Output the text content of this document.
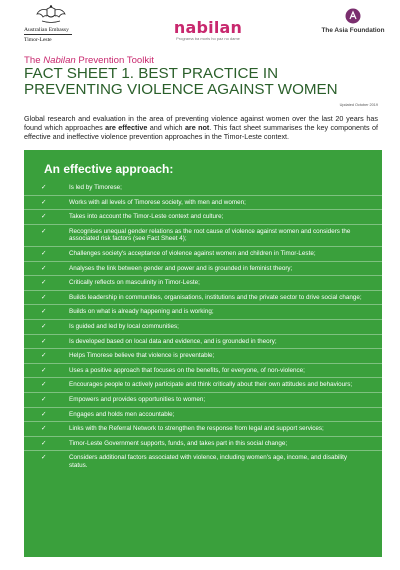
Australian Embassy
Timor-Leste
nabilan
Programa ba moris ho paz no dame
The Asia Foundation
The Nabilan Prevention Toolkit
FACT SHEET 1. BEST PRACTICE IN PREVENTING VIOLENCE AGAINST WOMEN
Updated October 2019

Global research and evaluation in the area of preventing violence against women over the last 20 years has found which approaches are effective and which are not. This fact sheet summarises the key components of effective and ineffective violence prevention approaches in the Timor-Leste context.

An effective approach:
✓	Is led by Timorese;
✓	Works with all levels of Timorese society, with men and women;
✓	Takes into account the Timor-Leste context and culture;
✓	Recognises unequal gender relations as the root cause of violence against women and considers the associated risk factors (see Fact Sheet 4);
✓	Challenges society's acceptance of violence against women and children in Timor-Leste;
✓	Analyses the link between gender and power and is grounded in feminist theory;
✓	Critically reflects on masculinity in Timor-Leste;
✓	Builds leadership in communities, organisations, institutions and the private sector to drive social change;
✓	Builds on what is already happening and is working;
✓	Is guided and led by local communities;
✓	Is developed based on local data and evidence, and is grounded in theory;
✓	Helps Timorese believe that violence is preventable;
✓	Uses a positive approach that focuses on the benefits, for everyone, of non-violence;
✓	Encourages people to actively participate and think critically about their own attitudes and behaviours;
✓	Empowers and provides opportunities to women;
✓	Engages and holds men accountable;
✓	Links with the Referral Network to strengthen the response from legal and support services;
✓	Timor-Leste Government supports, funds, and takes part in this social change;
✓	Considers additional factors associated with violence, including women's age, income, and disability status.
